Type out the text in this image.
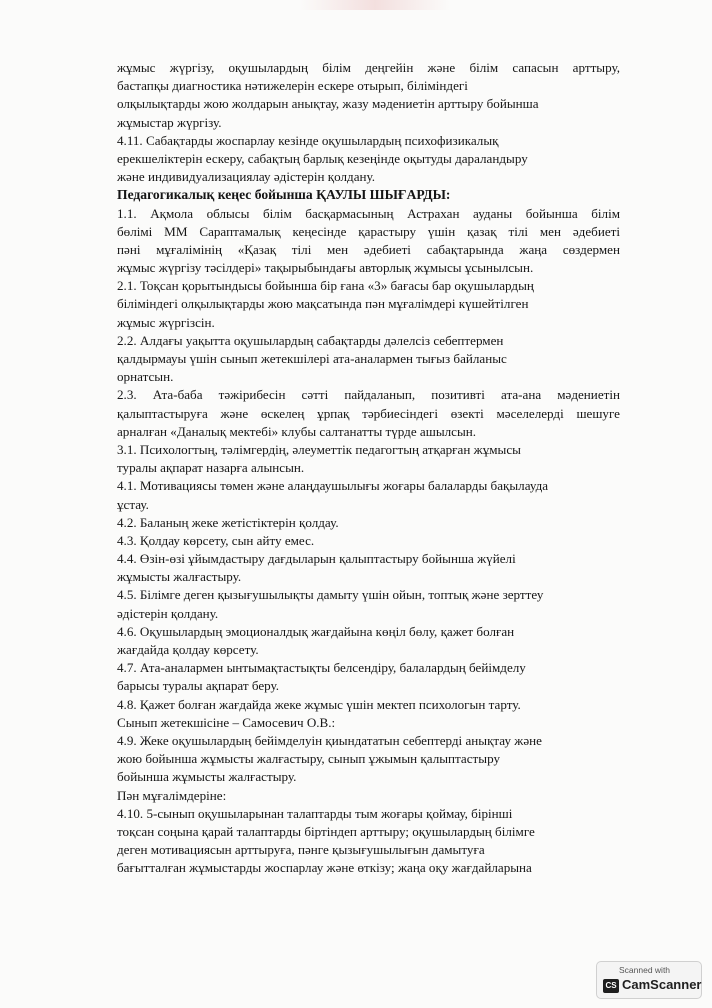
жұмыс жүргізу, оқушылардың білім деңгейін және білім сапасын арттыру,
бастапқы диагностика нәтижелерін ескере отырып, біліміндегі
олқылықтарды жою жолдарын анықтау, жазу мәдениетін арттыру бойынша
жұмыстар жүргізу.
4.11. Сабақтарды жоспарлау кезінде оқушылардың психофизикалық
ерекшеліктерін ескеру, сабақтың барлық кезеңінде оқытуды дараландыру
және индивидуализациялау әдістерін қолдану.
Педагогикалық кеңес бойынша ҚАУЛЫ ШЫҒАРДЫ:
1.1. Ақмола облысы білім басқармасының Астрахан ауданы бойынша білім
бөлімі ММ Сараптамалық кеңесінде қарастыру үшін қазақ тілі мен әдебиеті
пәні мұғалімінің «Қазақ тілі мен әдебиеті сабақтарында жаңа сөздермен
жұмыс жүргізу тәсілдері» тақырыбындағы авторлық жұмысы ұсынылсын.
2.1. Тоқсан қорытындысы бойынша бір ғана «3» бағасы бар оқушылардың
біліміндегі олқылықтарды жою мақсатында пән мұғалімдері күшейтілген
жұмыс жүргізсін.
2.2. Алдағы уақытта оқушылардың сабақтарды дәлелсіз себептермен
қалдырмауы үшін сынып жетекшілері ата-аналармен тығыз байланыс
орнатсын.
2.3. Ата-баба тәжірибесін сәтті пайдаланып, позитивті ата-ана мәдениетін
қалыптастыруға және өскелең ұрпақ тәрбиесіндегі өзекті мәселелерді шешуге
арналған «Даналық мектебі» клубы салтанатты түрде ашылсын.
3.1. Психологтың, тәлімгердің, әлеуметтік педагогтың атқарған жұмысы
туралы ақпарат назарға алынсын.
4.1. Мотивациясы төмен және алаңдаушылығы жоғары балаларды бақылауда
ұстау.
4.2. Баланың жеке жетістіктерін қолдау.
4.3. Қолдау көрсету, сын айту емес.
4.4. Өзін-өзі ұйымдастыру дағдыларын қалыптастыру бойынша жүйелі
жұмысты жалғастыру.
4.5. Білімге деген қызығушылықты дамыту үшін ойын, топтық және зерттеу
әдістерін қолдану.
4.6. Оқушылардың эмоционалдық жағдайына көңіл бөлу, қажет болған
жағдайда қолдау көрсету.
4.7. Ата-аналармен ынтымақтастықты белсендіру, балалардың бейімделу
барысы туралы ақпарат беру.
4.8. Қажет болған жағдайда жеке жұмыс үшін мектеп психологын тарту.
Сынып жетекшісіне – Самосевич О.В.:
4.9. Жеке оқушылардың бейімделуін қиындататын себептерді анықтау және
жою бойынша жұмысты жалғастыру, сынып ұжымын қалыптастыру
бойынша жұмысты жалғастыру.
Пән мұғалімдеріне:
4.10. 5-сынып оқушыларынан талаптарды тым жоғары қоймау, бірінші
тоқсан соңына қарай талаптарды біртіндеп арттыру; оқушылардың білімге
деген мотивациясын арттыруға, пәнге қызығушылығын дамытуға
бағытталған жұмыстарды жоспарлау және өткізу; жаңа оқу жағдайларына
Scanned with
CS CamScanner
